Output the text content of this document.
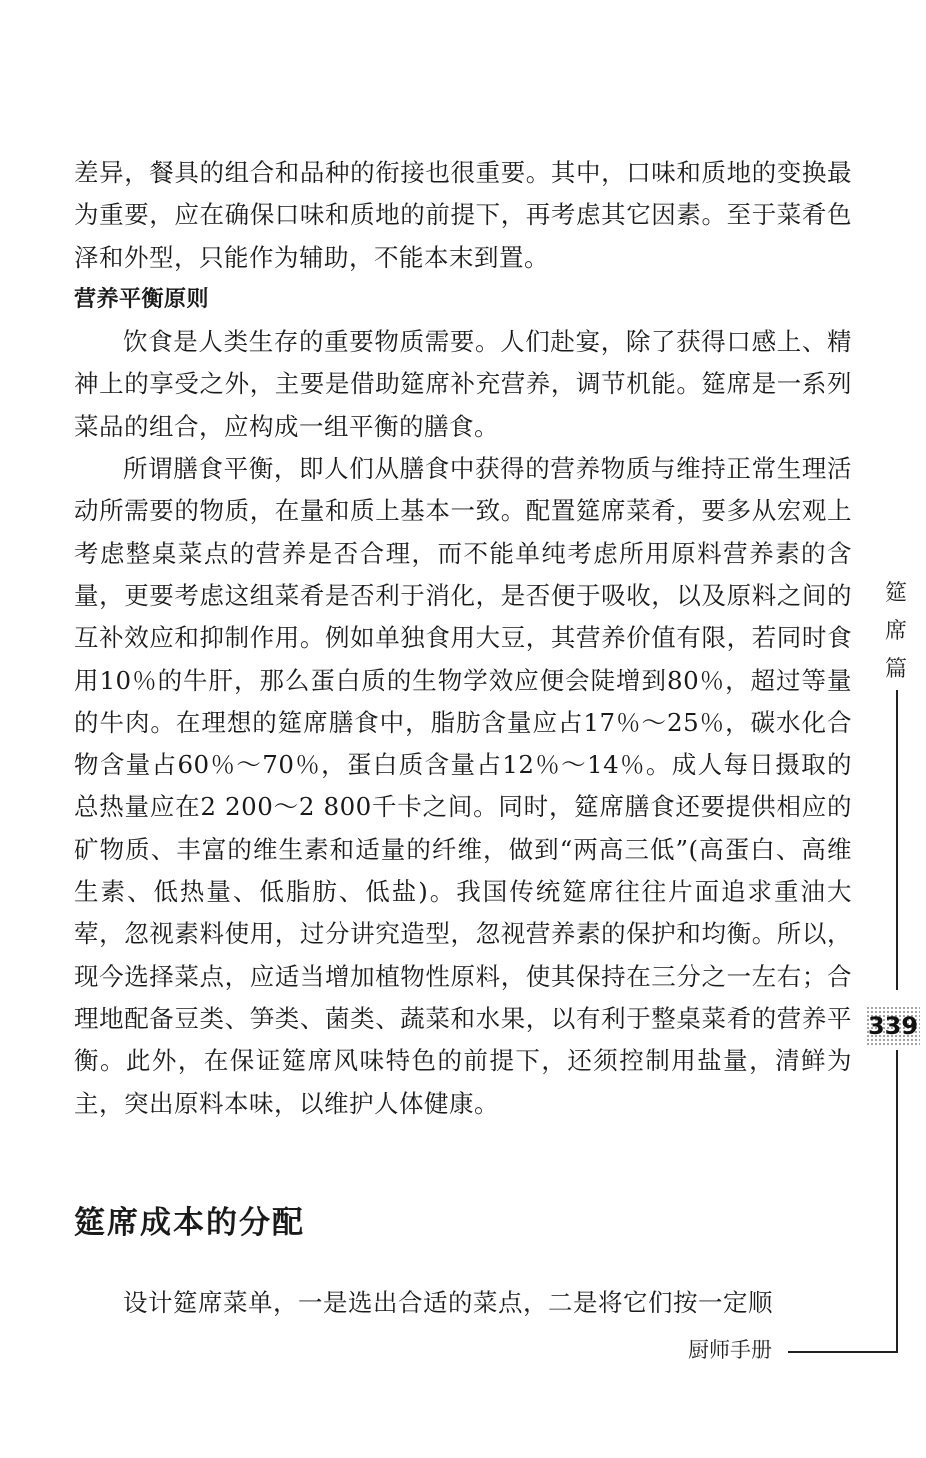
差异，餐具的组合和品种的衔接也很重要。其中，口味和质地的变换最为重要，应在确保口味和质地的前提下，再考虑其它因素。至于菜肴色泽和外型，只能作为辅助，不能本末到置。

营养平衡原则

饮食是人类生存的重要物质需要。人们赴宴，除了获得口感上、精神上的享受之外，主要是借助筵席补充营养，调节机能。筵席是一系列菜品的组合，应构成一组平衡的膳食。

所谓膳食平衡，即人们从膳食中获得的营养物质与维持正常生理活动所需要的物质，在量和质上基本一致。配置筵席菜肴，要多从宏观上考虑整桌菜点的营养是否合理，而不能单纯考虑所用原料营养素的含量，更要考虑这组菜肴是否利于消化，是否便于吸收，以及原料之间的互补效应和抑制作用。例如单独食用大豆，其营养价值有限，若同时食用10％的牛肝，那么蛋白质的生物学效应便会陡增到80％，超过等量的牛肉。在理想的筵席膳食中，脂肪含量应占17％～25％，碳水化合物含量占60％～70％，蛋白质含量占12％～14％。成人每日摄取的总热量应在2 200～2 800千卡之间。同时，筵席膳食还要提供相应的矿物质、丰富的维生素和适量的纤维，做到“两高三低”(高蛋白、高维生素、低热量、低脂肪、低盐)。我国传统筵席往往片面追求重油大荤，忽视素料使用，过分讲究造型，忽视营养素的保护和均衡。所以，现今选择菜点，应适当增加植物性原料，使其保持在三分之一左右；合理地配备豆类、笋类、菌类、蔬菜和水果，以有利于整桌菜肴的营养平衡。此外，在保证筵席风味特色的前提下，还须控制用盐量，清鲜为主，突出原料本味，以维护人体健康。

筵席成本的分配

设计筵席菜单，一是选出合适的菜点，二是将它们按一定顺

筵
席
篇
339
厨师手册
